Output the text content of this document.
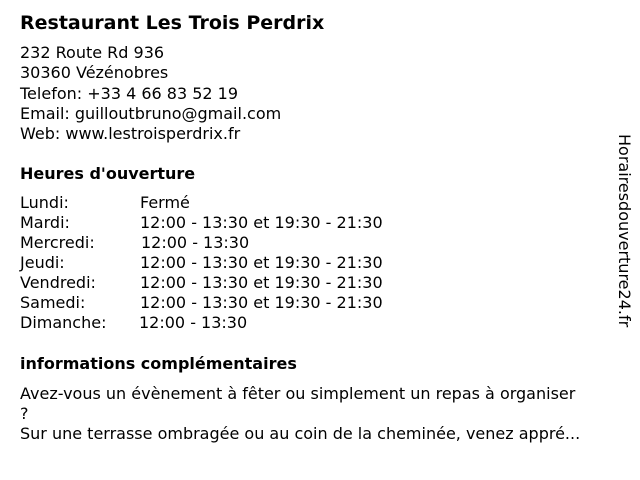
Restaurant Les Trois Perdrix
232 Route Rd 936
30360 Vézénobres
Telefon: +33 4 66 83 52 19
Email: guilloutbruno@gmail.com
Web: www.lestroisperdrix.fr
Heures d'ouverture
Lundi:	Fermé
Mardi:	12:00 - 13:30 et 19:30 - 21:30
Mercredi:	12:00 - 13:30
Jeudi:	12:00 - 13:30 et 19:30 - 21:30
Vendredi:	12:00 - 13:30 et 19:30 - 21:30
Samedi:	12:00 - 13:30 et 19:30 - 21:30
Dimanche: 12:00 - 13:30
informations complémentaires
Avez-vous un évènement à fêter ou simplement un repas à organiser
?
Sur une terrasse ombragée ou au coin de la cheminée, venez appré...
Horairesdouverture24.fr
